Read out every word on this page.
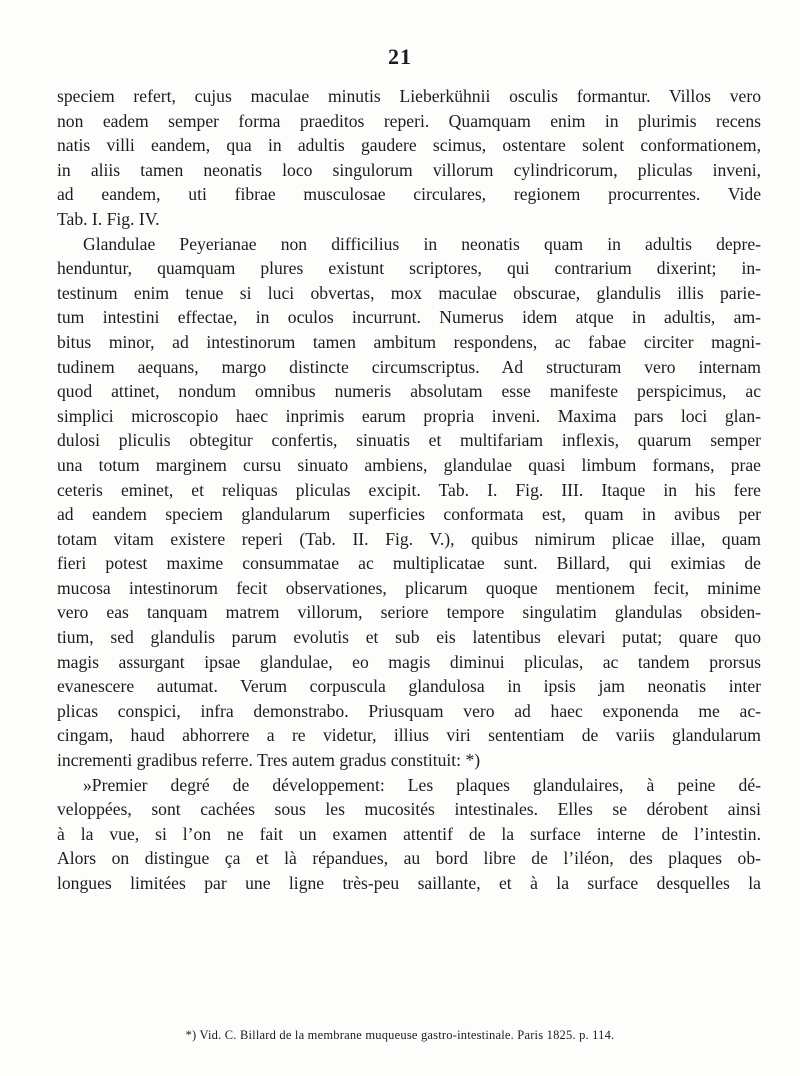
21
speciem refert, cujus maculae minutis Lieberkühnii osculis formantur. Villos vero
non eadem semper forma praeditos reperi. Quamquam enim in plurimis recens
natis villi eandem, qua in adultis gaudere scimus, ostentare solent conformationem,
in aliis tamen neonatis loco singulorum villorum cylindricorum, pliculas inveni,
ad eandem, uti fibrae musculosae circulares, regionem procurrentes. Vide
Tab. I. Fig. IV.
Glandulae Peyerianae non difficilius in neonatis quam in adultis depre-
henduntur, quamquam plures existunt scriptores, qui contrarium dixerint; in-
testinum enim tenue si luci obvertas, mox maculae obscurae, glandulis illis parie-
tum intestini effectae, in oculos incurrunt. Numerus idem atque in adultis, am-
bitus minor, ad intestinorum tamen ambitum respondens, ac fabae circiter magni-
tudinem aequans, margo distincte circumscriptus. Ad structuram vero internam
quod attinet, nondum omnibus numeris absolutam esse manifeste perspicimus, ac
simplici microscopio haec inprimis earum propria inveni. Maxima pars loci glan-
dulosi pliculis obtegitur confertis, sinuatis et multifariam inflexis, quarum semper
una totum marginem cursu sinuato ambiens, glandulae quasi limbum formans, prae
ceteris eminet, et reliquas pliculas excipit. Tab. I. Fig. III. Itaque in his fere
ad eandem speciem glandularum superficies conformata est, quam in avibus per
totam vitam existere reperi (Tab. II. Fig. V.), quibus nimirum plicae illae, quam
fieri potest maxime consummatae ac multiplicatae sunt. Billard, qui eximias de
mucosa intestinorum fecit observationes, plicarum quoque mentionem fecit, minime
vero eas tanquam matrem villorum, seriore tempore singulatim glandulas obsiden-
tium, sed glandulis parum evolutis et sub eis latentibus elevari putat; quare quo
magis assurgant ipsae glandulae, eo magis diminui pliculas, ac tandem prorsus
evanescere autumat. Verum corpuscula glandulosa in ipsis jam neonatis inter
plicas conspici, infra demonstrabo. Priusquam vero ad haec exponenda me ac-
cingam, haud abhorrere a re videtur, illius viri sententiam de variis glandularum
incrementi gradibus referre. Tres autem gradus constituit: *)
»Premier degré de développement: Les plaques glandulaires, à peine dé-
veloppées, sont cachées sous les mucosités intestinales. Elles se dérobent ainsi
à la vue, si l’on ne fait un examen attentif de la surface interne de l’intestin.
Alors on distingue ça et là répandues, au bord libre de l’iléon, des plaques ob-
longues limitées par une ligne très-peu saillante, et à la surface desquelles la
*) Vid. C. Billard de la membrane muqueuse gastro-intestinale. Paris 1825. p. 114.
